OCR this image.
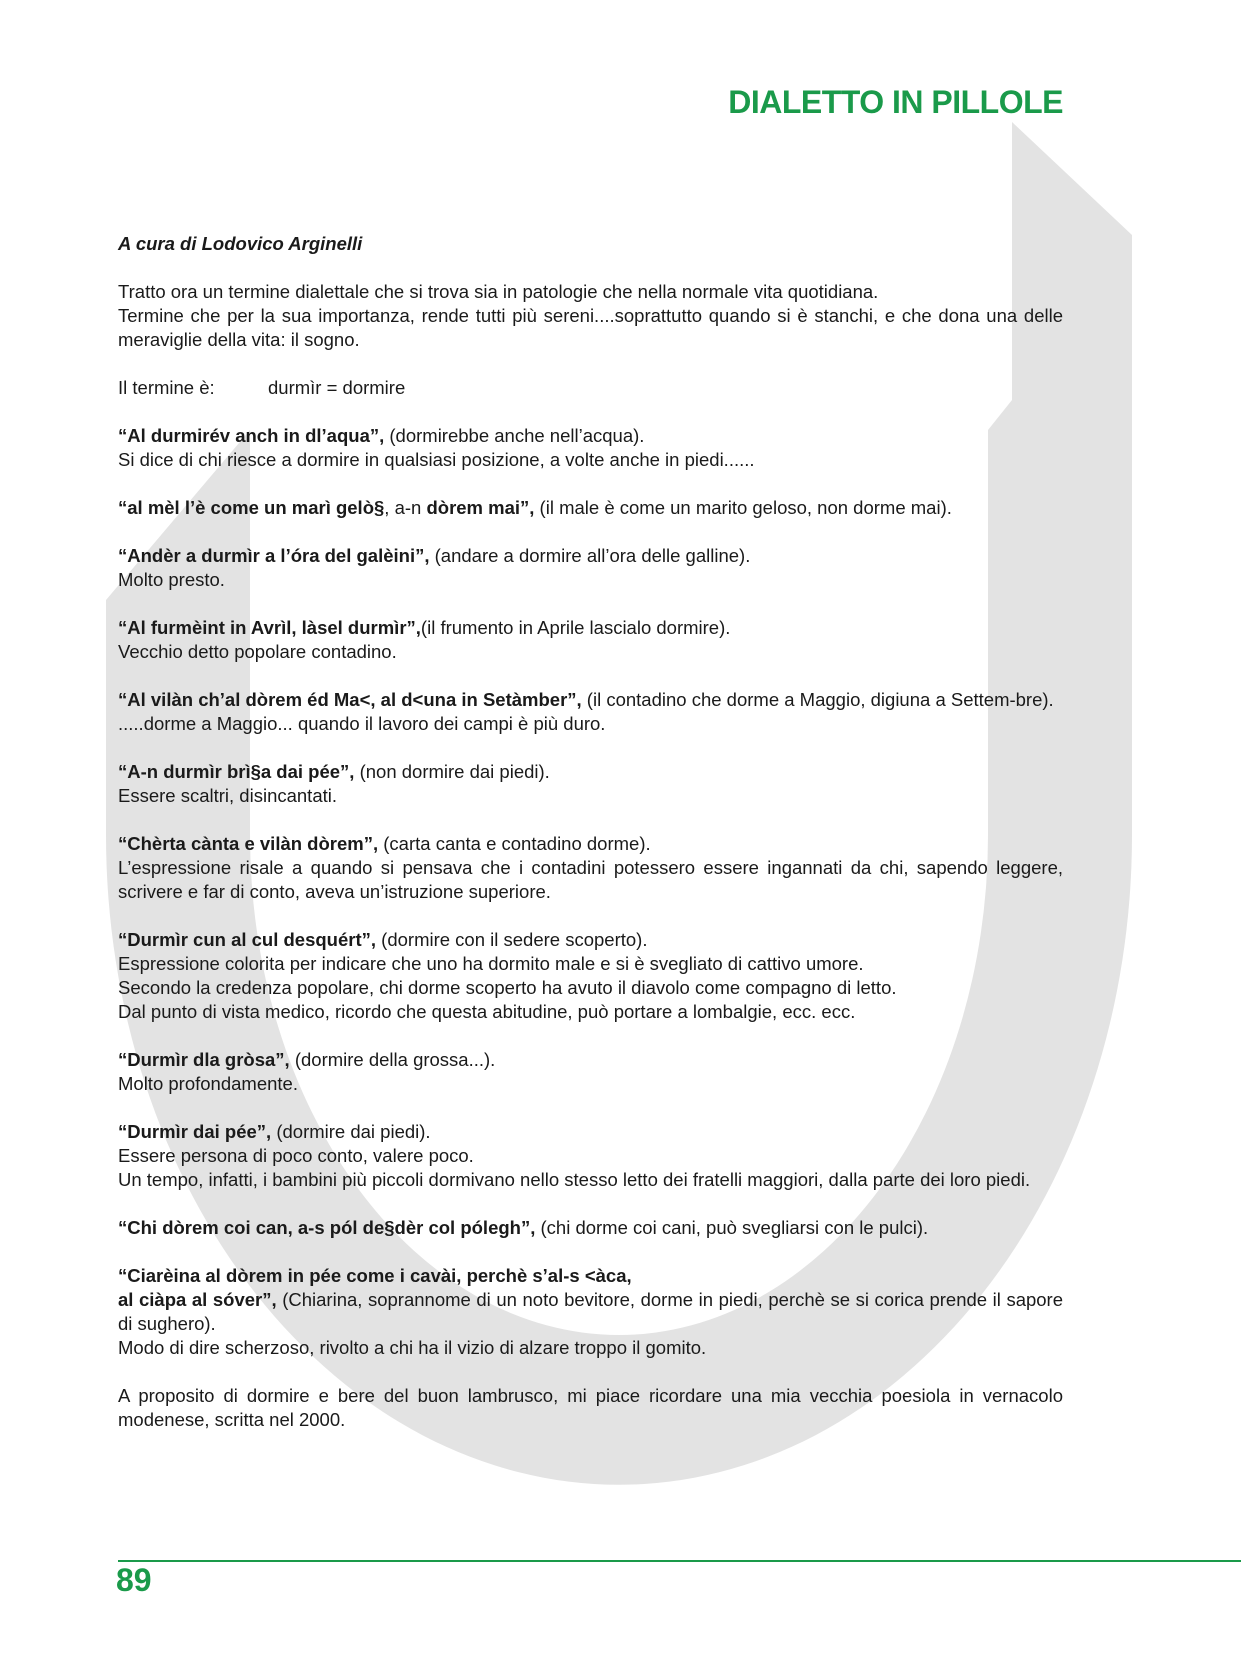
DIALETTO IN PILLOLE

A cura di Lodovico Arginelli

Tratto ora un termine dialettale che si trova sia in patologie che nella normale vita quotidiana.
Termine che per la sua importanza, rende tutti più sereni....soprattutto quando si è stanchi, e che dona una delle meraviglie della vita: il sogno.

Il termine è:	durmìr = dormire

“Al durmirév anch in dl’aqua”, (dormirebbe anche nell’acqua).
Si dice di chi riesce a dormire in qualsiasi posizione, a volte anche in piedi......

“al mèl l’è come un marì gelò§, a-n dòrem mai”, (il male è come un marito geloso, non dorme mai).

“Andèr a durmìr a l’óra del galèini”, (andare a dormire all’ora delle galline).
Molto presto.

“Al furmèint in Avrìl, làsel durmìr”,(il frumento in Aprile lascialo dormire).
Vecchio detto popolare contadino.

“Al vilàn ch’al dòrem éd Ma<, al d<una in Setàmber”, (il contadino che dorme a Maggio, digiuna a Settem-bre).
.....dorme a Maggio... quando il lavoro dei campi è più duro.

“A-n durmìr brì§a dai pée”, (non dormire dai piedi).
Essere scaltri, disincantati.

“Chèrta cànta e vilàn dòrem”, (carta canta e contadino dorme).
L’espressione risale a quando si pensava che i contadini potessero essere ingannati da chi, sapendo leggere, scrivere e far di conto, aveva un’istruzione superiore.

“Durmìr cun al cul desquért”, (dormire con il sedere scoperto).
Espressione colorita per indicare che uno ha dormito male e si è svegliato di cattivo umore.
Secondo la credenza popolare, chi dorme scoperto ha avuto il diavolo come compagno di letto.
Dal punto di vista medico, ricordo che questa abitudine, può portare a lombalgie, ecc. ecc.

“Durmìr dla gròsa”, (dormire della grossa...).
Molto profondamente.

“Durmìr dai pée”, (dormire dai piedi).
Essere persona di poco conto, valere poco.
Un tempo, infatti, i bambini più piccoli dormivano nello stesso letto dei fratelli maggiori, dalla parte dei loro piedi.

“Chi dòrem coi can, a-s pól de§dèr col pólegh”, (chi dorme coi cani, può svegliarsi con le pulci).

“Ciarèina al dòrem in pée come i cavài, perchè s’al-s <àca,
al ciàpa al sóver”, (Chiarina, soprannome di un noto bevitore, dorme in piedi, perchè se si corica prende il sapore di sughero).
Modo di dire scherzoso, rivolto a chi ha il vizio di alzare troppo il gomito.

A proposito di dormire e bere del buon lambrusco, mi piace ricordare una mia vecchia poesiola in vernacolo modenese, scritta nel 2000.

89
